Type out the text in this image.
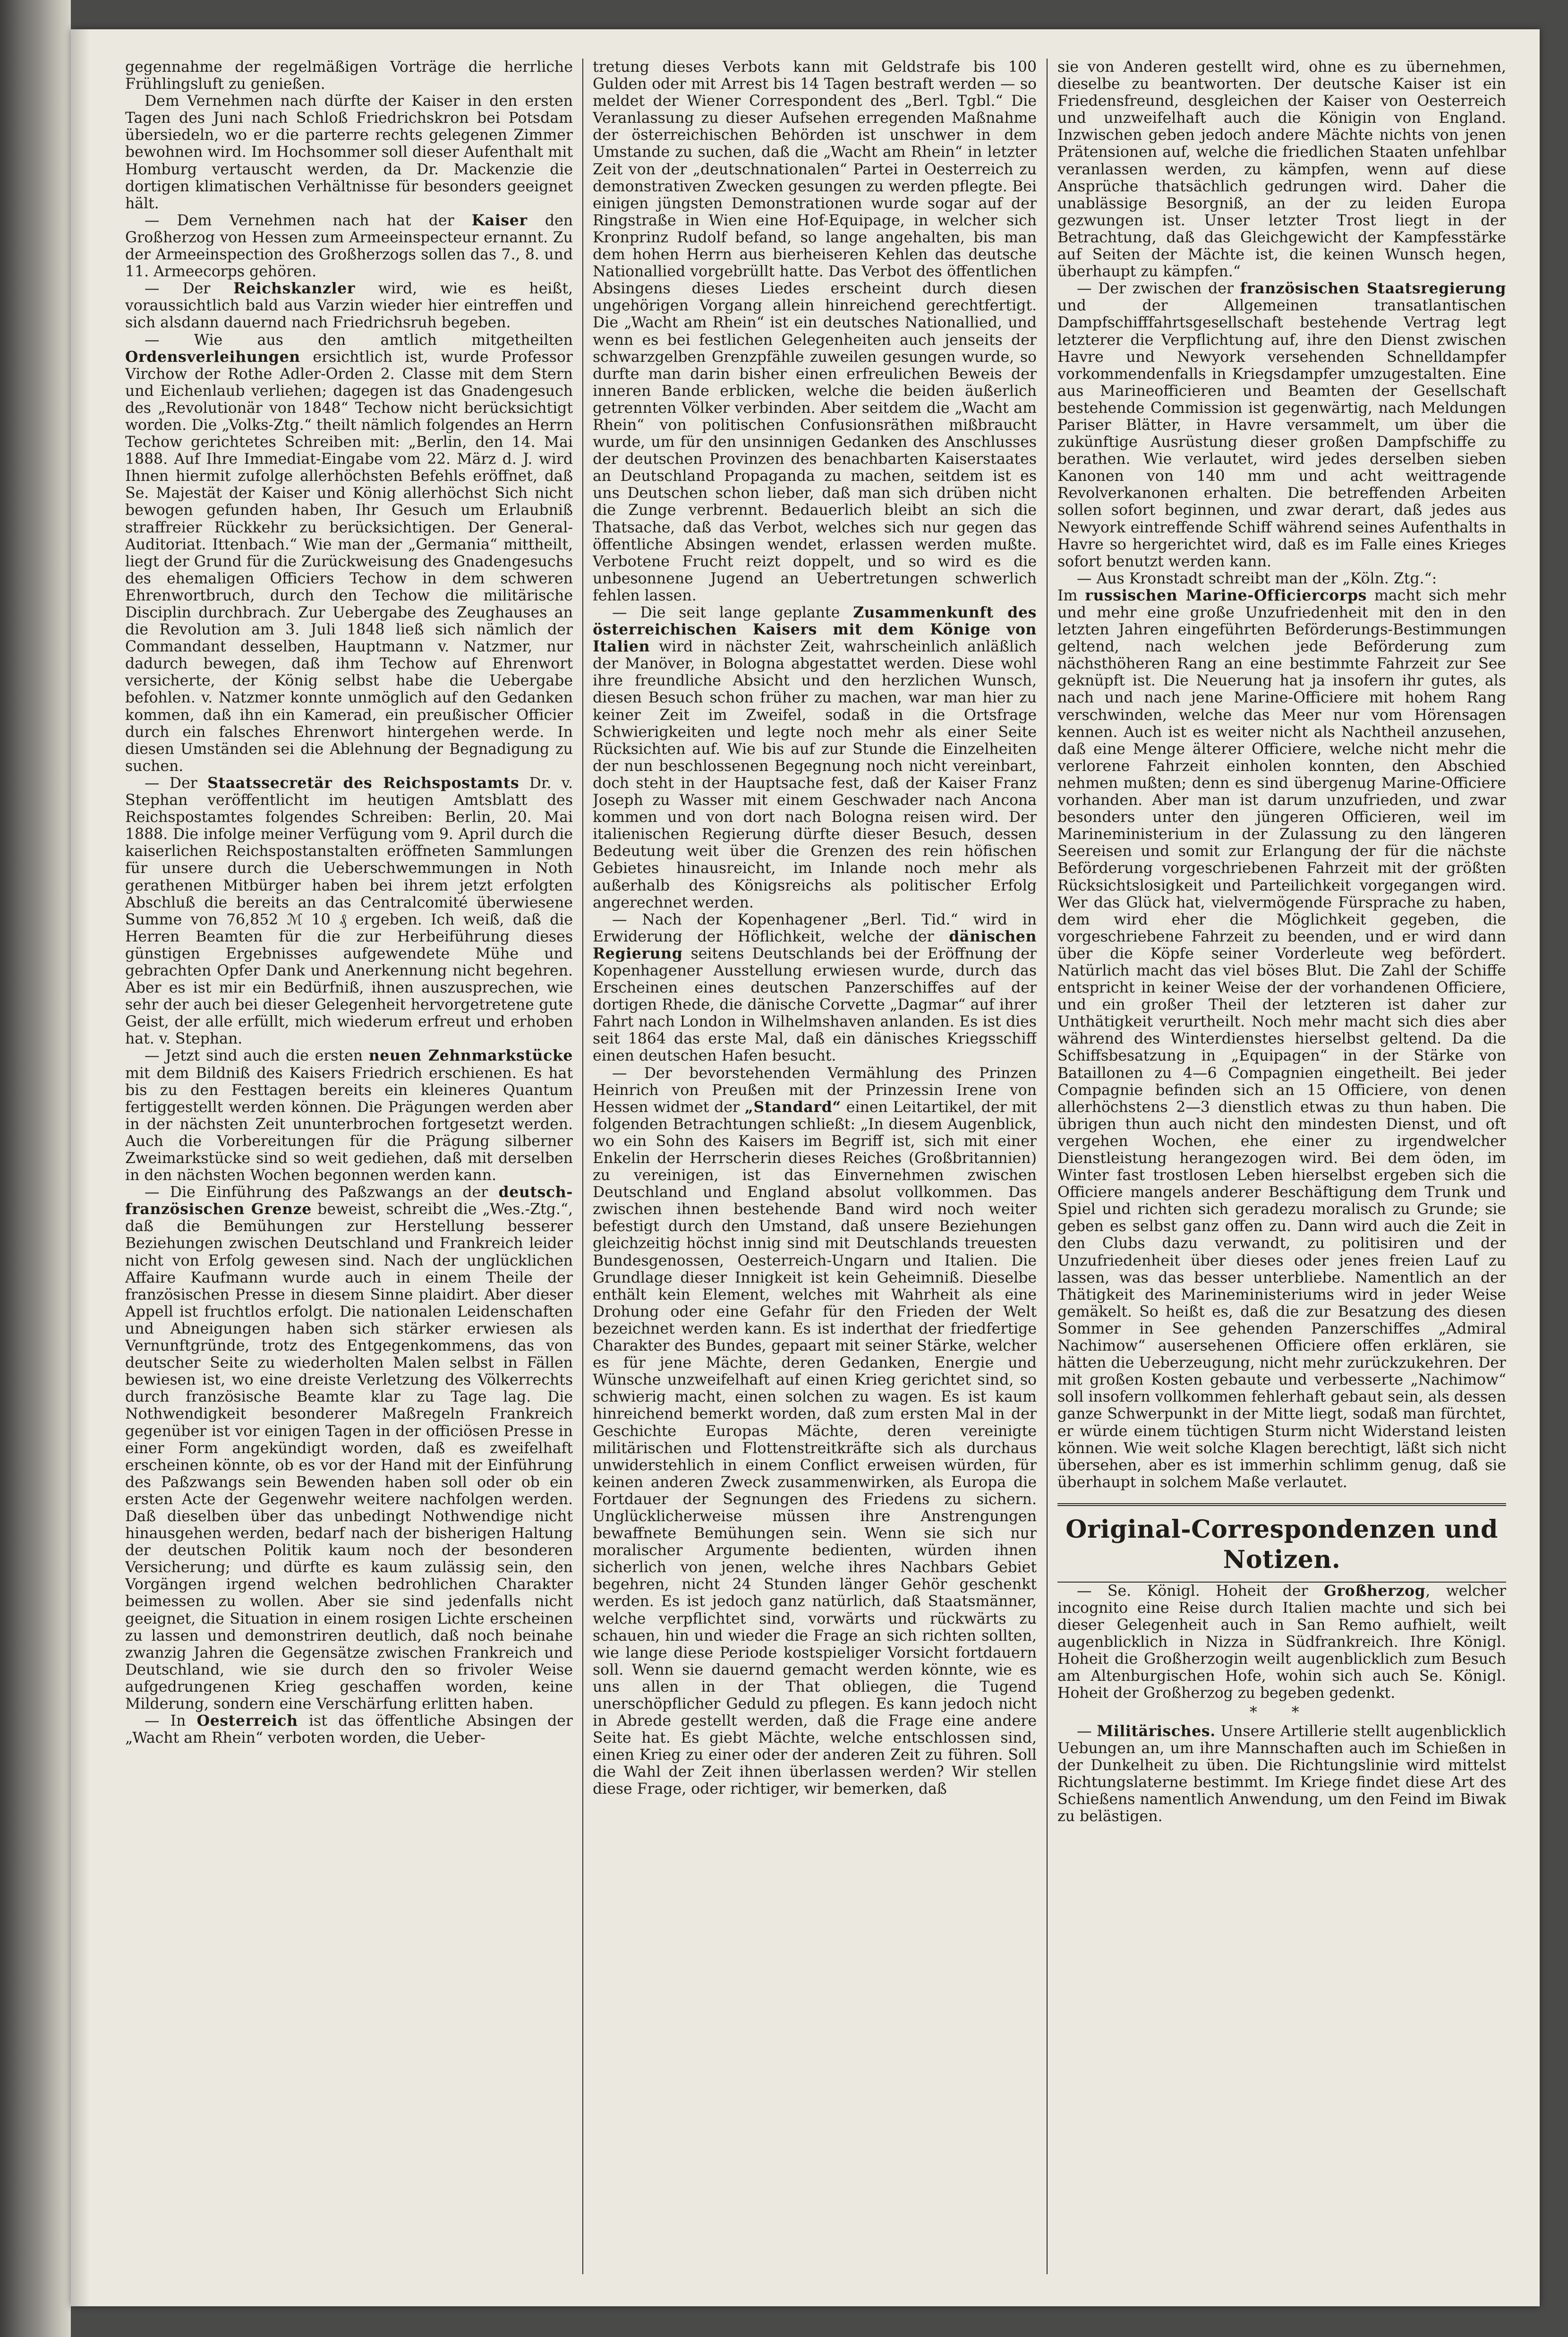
gegennahme der regelmäßigen Vorträge die herrliche Frühlingsluft zu genießen.

Dem Vernehmen nach dürfte der Kaiser in den ersten Tagen des Juni nach Schloß Friedrichskron bei Potsdam übersiedeln, wo er die parterre rechts gelegenen Zimmer bewohnen wird. Im Hochsommer soll dieser Aufenthalt mit Homburg vertauscht werden, da Dr. Mackenzie die dortigen klimatischen Verhältnisse für besonders geeignet hält.

— Dem Vernehmen nach hat der Kaiser den Großherzog von Hessen zum Armeeinspecteur ernannt. Zu der Armeeinspection des Großherzogs sollen das 7., 8. und 11. Armeecorps gehören.

— Der Reichskanzler wird, wie es heißt, voraussichtlich bald aus Varzin wieder hier eintreffen und sich alsdann dauernd nach Friedrichsruh begeben.

— Wie aus den amtlich mitgetheilten Ordensverleihungen ersichtlich ist, wurde Professor Virchow der Rothe Adler-Orden 2. Classe mit dem Stern und Eichenlaub verliehen; dagegen ist das Gnadengesuch des „Revolutionär von 1848“ Techow nicht berücksichtigt worden. Die „Volks-Ztg.“ theilt nämlich folgendes an Herrn Techow gerichtetes Schreiben mit: „Berlin, den 14. Mai 1888. Auf Ihre Immediat-Eingabe vom 22. März d. J. wird Ihnen hiermit zufolge allerhöchsten Befehls eröffnet, daß Se. Majestät der Kaiser und König allerhöchst Sich nicht bewogen gefunden haben, Ihr Gesuch um Erlaubniß straffreier Rückkehr zu berücksichtigen. Der General-Auditoriat. Ittenbach.“ Wie man der „Germania“ mittheilt, liegt der Grund für die Zurückweisung des Gnadengesuchs des ehemaligen Officiers Techow in dem schweren Ehrenwortbruch, durch den Techow die militärische Disciplin durchbrach. Zur Uebergabe des Zeughauses an die Revolution am 3. Juli 1848 ließ sich nämlich der Commandant desselben, Hauptmann v. Natzmer, nur dadurch bewegen, daß ihm Techow auf Ehrenwort versicherte, der König selbst habe die Uebergabe befohlen. v. Natzmer konnte unmöglich auf den Gedanken kommen, daß ihn ein Kamerad, ein preußischer Officier durch ein falsches Ehrenwort hintergehen werde. In diesen Umständen sei die Ablehnung der Begnadigung zu suchen.

— Der Staatssecretär des Reichspostamts Dr. v. Stephan veröffentlicht im heutigen Amtsblatt des Reichspostamtes folgendes Schreiben: Berlin, 20. Mai 1888. Die infolge meiner Verfügung vom 9. April durch die kaiserlichen Reichspostanstalten eröffneten Sammlungen für unsere durch die Ueberschwemmungen in Noth gerathenen Mitbürger haben bei ihrem jetzt erfolgten Abschluß die bereits an das Centralcomité überwiesene Summe von 76,852 ℳ 10 ₰ ergeben. Ich weiß, daß die Herren Beamten für die zur Herbeiführung dieses günstigen Ergebnisses aufgewendete Mühe und gebrachten Opfer Dank und Anerkennung nicht begehren. Aber es ist mir ein Bedürfniß, ihnen auszusprechen, wie sehr der auch bei dieser Gelegenheit hervorgetretene gute Geist, der alle erfüllt, mich wiederum erfreut und erhoben hat. v. Stephan.

— Jetzt sind auch die ersten neuen Zehnmarkstücke mit dem Bildniß des Kaisers Friedrich erschienen. Es hat bis zu den Festtagen bereits ein kleineres Quantum fertiggestellt werden können. Die Prägungen werden aber in der nächsten Zeit ununterbrochen fortgesetzt werden. Auch die Vorbereitungen für die Prägung silberner Zweimarkstücke sind so weit gediehen, daß mit derselben in den nächsten Wochen begonnen werden kann.

— Die Einführung des Paßzwangs an der deutsch-französischen Grenze beweist, schreibt die „Wes.-Ztg.“, daß die Bemühungen zur Herstellung besserer Beziehungen zwischen Deutschland und Frankreich leider nicht von Erfolg gewesen sind. Nach der unglücklichen Affaire Kaufmann wurde auch in einem Theile der französischen Presse in diesem Sinne plaidirt. Aber dieser Appell ist fruchtlos erfolgt. Die nationalen Leidenschaften und Abneigungen haben sich stärker erwiesen als Vernunftgründe, trotz des Entgegenkommens, das von deutscher Seite zu wiederholten Malen selbst in Fällen bewiesen ist, wo eine dreiste Verletzung des Völkerrechts durch französische Beamte klar zu Tage lag. Die Nothwendigkeit besonderer Maßregeln Frankreich gegenüber ist vor einigen Tagen in der officiösen Presse in einer Form angekündigt worden, daß es zweifelhaft erscheinen könnte, ob es vor der Hand mit der Einführung des Paßzwangs sein Bewenden haben soll oder ob ein ersten Acte der Gegenwehr weitere nachfolgen werden. Daß dieselben über das unbedingt Nothwendige nicht hinausgehen werden, bedarf nach der bisherigen Haltung der deutschen Politik kaum noch der besonderen Versicherung; und dürfte es kaum zulässig sein, den Vorgängen irgend welchen bedrohlichen Charakter beimessen zu wollen. Aber sie sind jedenfalls nicht geeignet, die Situation in einem rosigen Lichte erscheinen zu lassen und demonstriren deutlich, daß noch beinahe zwanzig Jahren die Gegensätze zwischen Frankreich und Deutschland, wie sie durch den so frivoler Weise aufgedrungenen Krieg geschaffen worden, keine Milderung, sondern eine Verschärfung erlitten haben.

— In Oesterreich ist das öffentliche Absingen der „Wacht am Rhein“ verboten worden, die Ueber-

tretung dieses Verbots kann mit Geldstrafe bis 100 Gulden oder mit Arrest bis 14 Tagen bestraft werden — so meldet der Wiener Correspondent des „Berl. Tgbl.“ Die Veranlassung zu dieser Aufsehen erregenden Maßnahme der österreichischen Behörden ist unschwer in dem Umstande zu suchen, daß die „Wacht am Rhein“ in letzter Zeit von der „deutschnationalen“ Partei in Oesterreich zu demonstrativen Zwecken gesungen zu werden pflegte. Bei einigen jüngsten Demonstrationen wurde sogar auf der Ringstraße in Wien eine Hof-Equipage, in welcher sich Kronprinz Rudolf befand, so lange angehalten, bis man dem hohen Herrn aus bierheiseren Kehlen das deutsche Nationallied vorgebrüllt hatte. Das Verbot des öffentlichen Absingens dieses Liedes erscheint durch diesen ungehörigen Vorgang allein hinreichend gerechtfertigt. Die „Wacht am Rhein“ ist ein deutsches Nationallied, und wenn es bei festlichen Gelegenheiten auch jenseits der schwarzgelben Grenzpfähle zuweilen gesungen wurde, so durfte man darin bisher einen erfreulichen Beweis der inneren Bande erblicken, welche die beiden äußerlich getrennten Völker verbinden. Aber seitdem die „Wacht am Rhein“ von politischen Confusionsräthen mißbraucht wurde, um für den unsinnigen Gedanken des Anschlusses der deutschen Provinzen des benachbarten Kaiserstaates an Deutschland Propaganda zu machen, seitdem ist es uns Deutschen schon lieber, daß man sich drüben nicht die Zunge verbrennt. Bedauerlich bleibt an sich die Thatsache, daß das Verbot, welches sich nur gegen das öffentliche Absingen wendet, erlassen werden mußte. Verbotene Frucht reizt doppelt, und so wird es die unbesonnene Jugend an Uebertretungen schwerlich fehlen lassen.

— Die seit lange geplante Zusammenkunft des österreichischen Kaisers mit dem Könige von Italien wird in nächster Zeit, wahrscheinlich anläßlich der Manöver, in Bologna abgestattet werden. Diese wohl ihre freundliche Absicht und den herzlichen Wunsch, diesen Besuch schon früher zu machen, war man hier zu keiner Zeit im Zweifel, sodaß in die Ortsfrage Schwierigkeiten und legte noch mehr als einer Seite Rücksichten auf. Wie bis auf zur Stunde die Einzelheiten der nun beschlossenen Begegnung noch nicht vereinbart, doch steht in der Hauptsache fest, daß der Kaiser Franz Joseph zu Wasser mit einem Geschwader nach Ancona kommen und von dort nach Bologna reisen wird. Der italienischen Regierung dürfte dieser Besuch, dessen Bedeutung weit über die Grenzen des rein höfischen Gebietes hinausreicht, im Inlande noch mehr als außerhalb des Königsreichs als politischer Erfolg angerechnet werden.

— Nach der Kopenhagener „Berl. Tid.“ wird in Erwiderung der Höflichkeit, welche der dänischen Regierung seitens Deutschlands bei der Eröffnung der Kopenhagener Ausstellung erwiesen wurde, durch das Erscheinen eines deutschen Panzerschiffes auf der dortigen Rhede, die dänische Corvette „Dagmar“ auf ihrer Fahrt nach London in Wilhelmshaven anlanden. Es ist dies seit 1864 das erste Mal, daß ein dänisches Kriegsschiff einen deutschen Hafen besucht.

— Der bevorstehenden Vermählung des Prinzen Heinrich von Preußen mit der Prinzessin Irene von Hessen widmet der „Standard“ einen Leitartikel, der mit folgenden Betrachtungen schließt: „In diesem Augenblick, wo ein Sohn des Kaisers im Begriff ist, sich mit einer Enkelin der Herrscherin dieses Reiches (Großbritannien) zu vereinigen, ist das Einvernehmen zwischen Deutschland und England absolut vollkommen. Das zwischen ihnen bestehende Band wird noch weiter befestigt durch den Umstand, daß unsere Beziehungen gleichzeitig höchst innig sind mit Deutschlands treuesten Bundesgenossen, Oesterreich-Ungarn und Italien. Die Grundlage dieser Innigkeit ist kein Geheimniß. Dieselbe enthält kein Element, welches mit Wahrheit als eine Drohung oder eine Gefahr für den Frieden der Welt bezeichnet werden kann. Es ist inderthat der friedfertige Charakter des Bundes, gepaart mit seiner Stärke, welcher es für jene Mächte, deren Gedanken, Energie und Wünsche unzweifelhaft auf einen Krieg gerichtet sind, so schwierig macht, einen solchen zu wagen. Es ist kaum hinreichend bemerkt worden, daß zum ersten Mal in der Geschichte Europas Mächte, deren vereinigte militärischen und Flottenstreitkräfte sich als durchaus unwiderstehlich in einem Conflict erweisen würden, für keinen anderen Zweck zusammenwirken, als Europa die Fortdauer der Segnungen des Friedens zu sichern. Unglücklicherweise müssen ihre Anstrengungen bewaffnete Bemühungen sein. Wenn sie sich nur moralischer Argumente bedienten, würden ihnen sicherlich von jenen, welche ihres Nachbars Gebiet begehren, nicht 24 Stunden länger Gehör geschenkt werden. Es ist jedoch ganz natürlich, daß Staatsmänner, welche verpflichtet sind, vorwärts und rückwärts zu schauen, hin und wieder die Frage an sich richten sollten, wie lange diese Periode kostspieliger Vorsicht fortdauern soll. Wenn sie dauernd gemacht werden könnte, wie es uns allen in der That obliegen, die Tugend unerschöpflicher Geduld zu pflegen. Es kann jedoch nicht in Abrede gestellt werden, daß die Frage eine andere Seite hat. Es giebt Mächte, welche entschlossen sind, einen Krieg zu einer oder der anderen Zeit zu führen. Soll die Wahl der Zeit ihnen überlassen werden? Wir stellen diese Frage, oder richtiger, wir bemerken, daß

sie von Anderen gestellt wird, ohne es zu übernehmen, dieselbe zu beantworten. Der deutsche Kaiser ist ein Friedensfreund, desgleichen der Kaiser von Oesterreich und unzweifelhaft auch die Königin von England. Inzwischen geben jedoch andere Mächte nichts von jenen Prätensionen auf, welche die friedlichen Staaten unfehlbar veranlassen werden, zu kämpfen, wenn auf diese Ansprüche thatsächlich gedrungen wird. Daher die unablässige Besorgniß, an der zu leiden Europa gezwungen ist. Unser letzter Trost liegt in der Betrachtung, daß das Gleichgewicht der Kampfesstärke auf Seiten der Mächte ist, die keinen Wunsch hegen, überhaupt zu kämpfen.“

— Der zwischen der französischen Staatsregierung und der Allgemeinen transatlantischen Dampfschifffahrtsgesellschaft bestehende Vertrag legt letzterer die Verpflichtung auf, ihre den Dienst zwischen Havre und Newyork versehenden Schnelldampfer vorkommendenfalls in Kriegsdampfer umzugestalten. Eine aus Marineofficieren und Beamten der Gesellschaft bestehende Commission ist gegenwärtig, nach Meldungen Pariser Blätter, in Havre versammelt, um über die zukünftige Ausrüstung dieser großen Dampfschiffe zu berathen. Wie verlautet, wird jedes derselben sieben Kanonen von 140 mm und acht weittragende Revolverkanonen erhalten. Die betreffenden Arbeiten sollen sofort beginnen, und zwar derart, daß jedes aus Newyork eintreffende Schiff während seines Aufenthalts in Havre so hergerichtet wird, daß es im Falle eines Krieges sofort benutzt werden kann.

— Aus Kronstadt schreibt man der „Köln. Ztg.“:

Im russischen Marine-Officiercorps macht sich mehr und mehr eine große Unzufriedenheit mit den in den letzten Jahren eingeführten Beförderungs-Bestimmungen geltend, nach welchen jede Beförderung zum nächsthöheren Rang an eine bestimmte Fahrzeit zur See geknüpft ist. Die Neuerung hat ja insofern ihr gutes, als nach und nach jene Marine-Officiere mit hohem Rang verschwinden, welche das Meer nur vom Hörensagen kennen. Auch ist es weiter nicht als Nachtheil anzusehen, daß eine Menge älterer Officiere, welche nicht mehr die verlorene Fahrzeit einholen konnten, den Abschied nehmen mußten; denn es sind übergenug Marine-Officiere vorhanden. Aber man ist darum unzufrieden, und zwar besonders unter den jüngeren Officieren, weil im Marineministerium in der Zulassung zu den längeren Seereisen und somit zur Erlangung der für die nächste Beförderung vorgeschriebenen Fahrzeit mit der größten Rücksichtslosigkeit und Parteilichkeit vorgegangen wird. Wer das Glück hat, vielvermögende Fürsprache zu haben, dem wird eher die Möglichkeit gegeben, die vorgeschriebene Fahrzeit zu beenden, und er wird dann über die Köpfe seiner Vorderleute weg befördert. Natürlich macht das viel böses Blut. Die Zahl der Schiffe entspricht in keiner Weise der der vorhandenen Officiere, und ein großer Theil der letzteren ist daher zur Unthätigkeit verurtheilt. Noch mehr macht sich dies aber während des Winterdienstes hierselbst geltend. Da die Schiffsbesatzung in „Equipagen“ in der Stärke von Bataillonen zu 4—6 Compagnien eingetheilt. Bei jeder Compagnie befinden sich an 15 Officiere, von denen allerhöchstens 2—3 dienstlich etwas zu thun haben. Die übrigen thun auch nicht den mindesten Dienst, und oft vergehen Wochen, ehe einer zu irgendwelcher Dienstleistung herangezogen wird. Bei dem öden, im Winter fast trostlosen Leben hierselbst ergeben sich die Officiere mangels anderer Beschäftigung dem Trunk und Spiel und richten sich geradezu moralisch zu Grunde; sie geben es selbst ganz offen zu. Dann wird auch die Zeit in den Clubs dazu verwandt, zu politisiren und der Unzufriedenheit über dieses oder jenes freien Lauf zu lassen, was das besser unterbliebe. Namentlich an der Thätigkeit des Marineministeriums wird in jeder Weise gemäkelt. So heißt es, daß die zur Besatzung des diesen Sommer in See gehenden Panzerschiffes „Admiral Nachimow“ ausersehenen Officiere offen erklären, sie hätten die Ueberzeugung, nicht mehr zurückzukehren. Der mit großen Kosten gebaute und verbesserte „Nachimow“ soll insofern vollkommen fehlerhaft gebaut sein, als dessen ganze Schwerpunkt in der Mitte liegt, sodaß man fürchtet, er würde einem tüchtigen Sturm nicht Widerstand leisten können. Wie weit solche Klagen berechtigt, läßt sich nicht übersehen, aber es ist immerhin schlimm genug, daß sie überhaupt in solchem Maße verlautet.

Original-Correspondenzen und Notizen.

— Se. Königl. Hoheit der Großherzog, welcher incognito eine Reise durch Italien machte und sich bei dieser Gelegenheit auch in San Remo aufhielt, weilt augenblicklich in Nizza in Südfrankreich. Ihre Königl. Hoheit die Großherzogin weilt augenblicklich zum Besuch am Altenburgischen Hofe, wohin sich auch Se. Königl. Hoheit der Großherzog zu begeben gedenkt.

* *

— Militärisches. Unsere Artillerie stellt augenblicklich Uebungen an, um ihre Mannschaften auch im Schießen in der Dunkelheit zu üben. Die Richtungslinie wird mittelst Richtungslaterne bestimmt. Im Kriege findet diese Art des Schießens namentlich Anwendung, um den Feind im Biwak zu belästigen.
